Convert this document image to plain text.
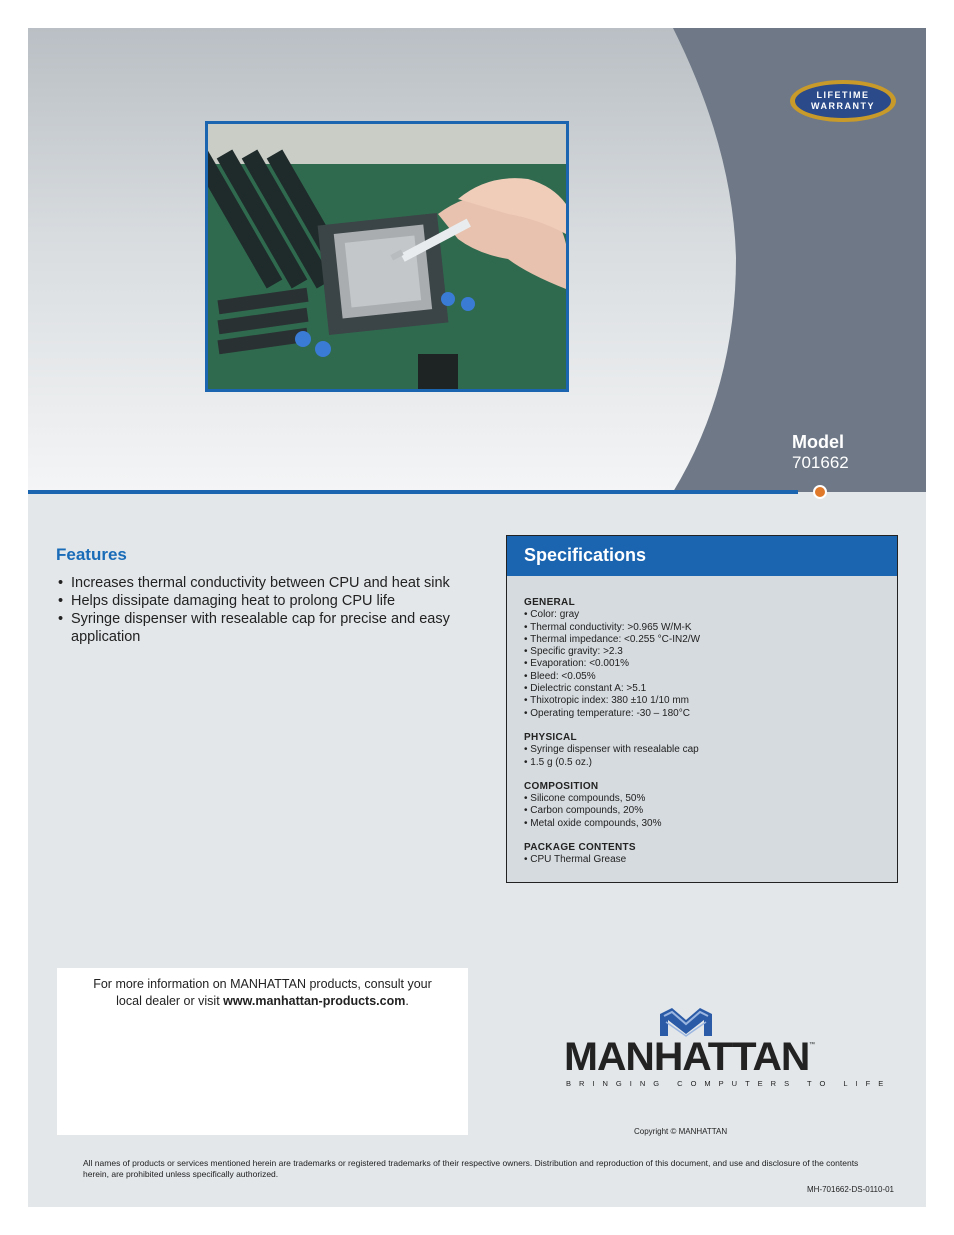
LIFETIME
WARRANTY
Model
701662
Features
• Increases thermal conductivity between CPU and heat sink
• Helps dissipate damaging heat to prolong CPU life
• Syringe dispenser with resealable cap for precise and easy application
Specifications
GENERAL
• Color: gray
• Thermal conductivity: >0.965 W/M-K
• Thermal impedance: <0.255 °C-IN2/W
• Specific gravity: >2.3
• Evaporation: <0.001%
• Bleed: <0.05%
• Dielectric constant A: >5.1
• Thixotropic index: 380 ±10 1/10 mm
• Operating temperature: -30 – 180°C
PHYSICAL
• Syringe dispenser with resealable cap
• 1.5 g (0.5 oz.)
COMPOSITION
• Silicone compounds, 50%
• Carbon compounds, 20%
• Metal oxide compounds, 30%
PACKAGE CONTENTS
• CPU Thermal Grease
For more information on MANHATTAN products, consult your
local dealer or visit www.manhattan-products.com.
MANHATTAN ™
BRINGING COMPUTERS TO LIFE
Copyright © MANHATTAN
All names of products or services mentioned herein are trademarks or registered trademarks of their respective owners. Distribution and reproduction of this document, and use and disclosure of the contents herein, are prohibited unless specifically authorized.
MH-701662-DS-0110-01
